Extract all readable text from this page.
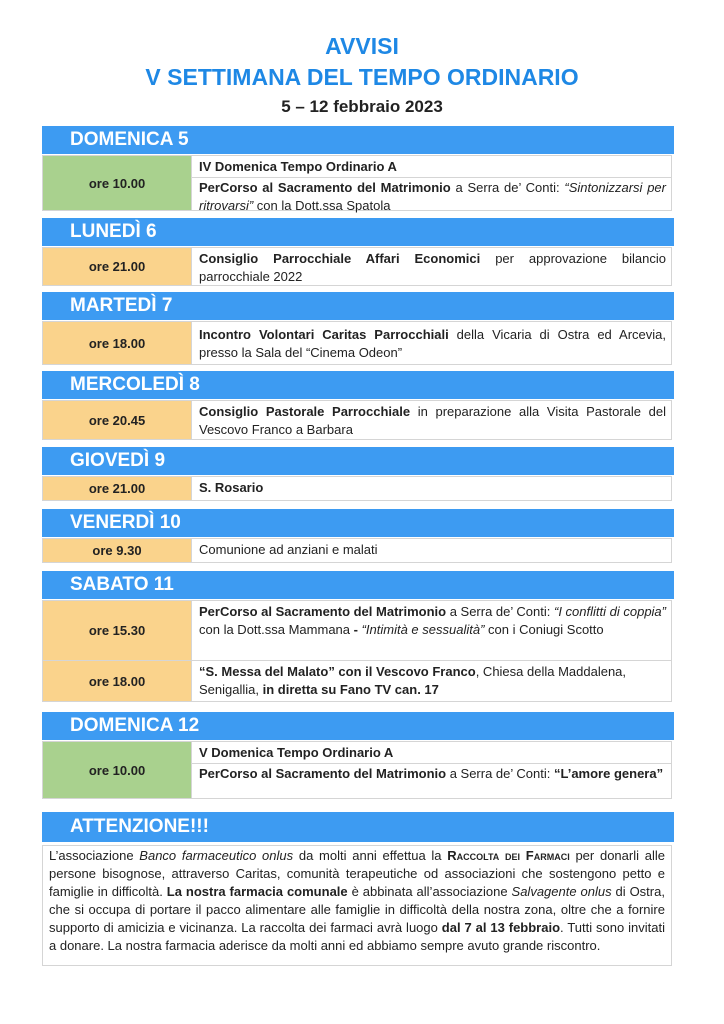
AVVISI
V SETTIMANA DEL TEMPO ORDINARIO
5 – 12 febbraio 2023
DOMENICA 5
ore 10.00
IV Domenica Tempo Ordinario A
PerCorso al Sacramento del Matrimonio a Serra de’ Conti: “Sintonizzarsi per ritrovarsi” con la Dott.ssa Spatola
LUNEDÌ 6
ore 21.00
Consiglio Parrocchiale Affari Economici per approvazione bilancio parrocchiale 2022
MARTEDÌ 7
ore 18.00
Incontro Volontari Caritas Parrocchiali della Vicaria di Ostra ed Arcevia, presso la Sala del “Cinema Odeon”
MERCOLEDÌ 8
ore 20.45
Consiglio Pastorale Parrocchiale in preparazione alla Visita Pastorale del Vescovo Franco a Barbara
GIOVEDÌ 9
ore 21.00	S. Rosario
VENERDÌ 10
ore 9.30	Comunione ad anziani e malati
SABATO 11
ore 15.30
PerCorso al Sacramento del Matrimonio a Serra de’ Conti: “I conflitti di coppia” con la Dott.ssa Mammana - “Intimità e sessualità” con i Coniugi Scotto
ore 18.00
“S. Messa del Malato” con il Vescovo Franco, Chiesa della Maddalena, Senigallia, in diretta su Fano TV can. 17
DOMENICA 12
ore 10.00
V Domenica Tempo Ordinario A
PerCorso al Sacramento del Matrimonio a Serra de’ Conti: “L’amore genera”
ATTENZIONE!!!
L’associazione Banco farmaceutico onlus da molti anni effettua la Raccolta dei Farmaci per donarli alle persone bisognose, attraverso Caritas, comunità terapeutiche od associazioni che sostengono petto e famiglie in difficoltà. La nostra farmacia comunale è abbinata all’associazione Salvagente onlus di Ostra, che si occupa di portare il pacco alimentare alle famiglie in difficoltà della nostra zona, oltre che a fornire supporto di amicizia e vicinanza. La raccolta dei farmaci avrà luogo dal 7 al 13 febbraio. Tutti sono invitati a donare. La nostra farmacia aderisce da molti anni ed abbiamo sempre avuto grande riscontro.
